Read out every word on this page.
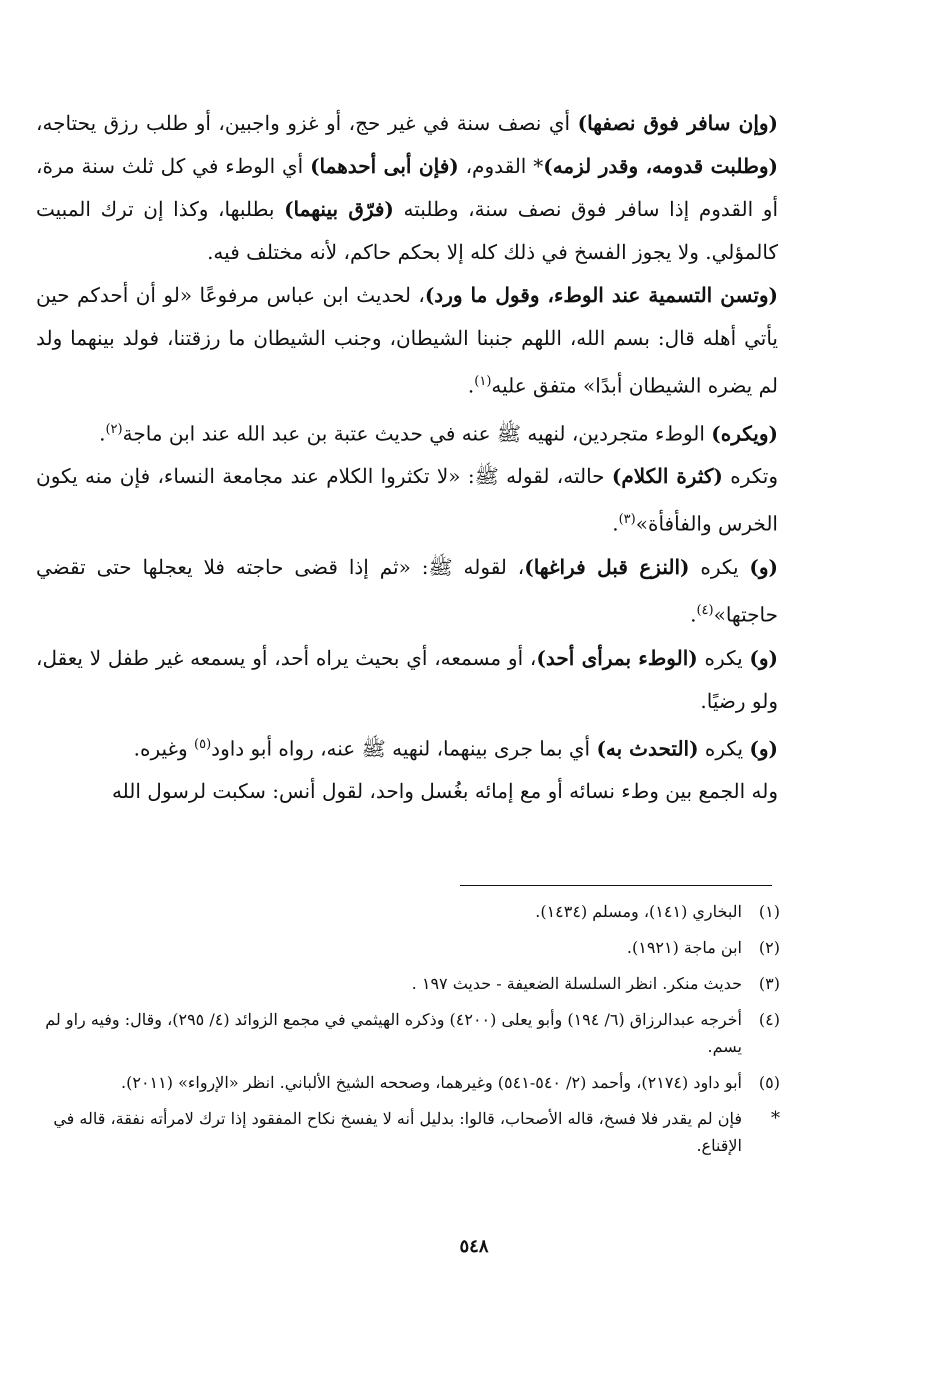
(وإن سافر فوق نصفها) أي نصف سنة في غير حج، أو غزو واجبين، أو طلب رزق يحتاجه، (وطلبت قدومه، وقدر لزمه)* القدوم، (فإن أبى أحدهما) أي الوطء في كل ثلث سنة مرة، أو القدوم إذا سافر فوق نصف سنة، وطلبته (فرّق بينهما) بطلبها، وكذا إن ترك المبيت كالمؤلي. ولا يجوز الفسخ في ذلك كله إلا بحكم حاكم، لأنه مختلف فيه.

(وتسن التسمية عند الوطء، وقول ما ورد)، لحديث ابن عباس مرفوعًا «لو أن أحدكم حين يأتي أهله قال: بسم الله، اللهم جنبنا الشيطان، وجنب الشيطان ما رزقتنا، فولد بينهما ولد لم يضره الشيطان أبدًا» متفق عليه$^{(١)}$.

(ويكره) الوطء متجردين، لنهيه ﷺ عنه في حديث عتبة بن عبد الله عند ابن ماجة$^{(٢)}$.

وتكره (كثرة الكلام) حالته، لقوله ﷺ: «لا تكثروا الكلام عند مجامعة النساء، فإن منه يكون الخرس والفأفأة»$^{(٣)}$.

(و) يكره (النزع قبل فراغها)، لقوله ﷺ: «ثم إذا قضى حاجته فلا يعجلها حتى تقضي حاجتها»$^{(٤)}$.

(و) يكره (الوطء بمرأى أحد)، أو مسمعه، أي بحيث يراه أحد، أو يسمعه غير طفل لا يعقل، ولو رضيًا.

(و) يكره (التحدث به) أي بما جرى بينهما، لنهيه ﷺ عنه، رواه أبو داود$^{(٥)}$ وغيره.

وله الجمع بين وطء نسائه أو مع إمائه بغُسل واحد، لقول أنس: سكبت لرسول الله

(١)
البخاري (١٤١)، ومسلم (١٤٣٤).
(٢)
ابن ماجة (١٩٢١).
(٣)
حديث منكر. انظر السلسلة الضعيفة - حديث ١٩٧ .
(٤)
أخرجه عبدالرزاق (٦/ ١٩٤) وأبو يعلى (٤٢٠٠) وذكره الهيثمي في مجمع الزوائد (٤/ ٢٩٥)، وقال: وفيه راو لم يسم.
(٥)
أبو داود (٢١٧٤)، وأحمد (٢/ ٥٤٠-٥٤١) وغيرهما، وصححه الشيخ الألباني. انظر «الإرواء» (٢٠١١).
*
فإن لم يقدر فلا فسخ، قاله الأصحاب، قالوا: بدليل أنه لا يفسخ نكاح المفقود إذا ترك لامرأته نفقة، قاله في الإقناع.
٥٤٨
